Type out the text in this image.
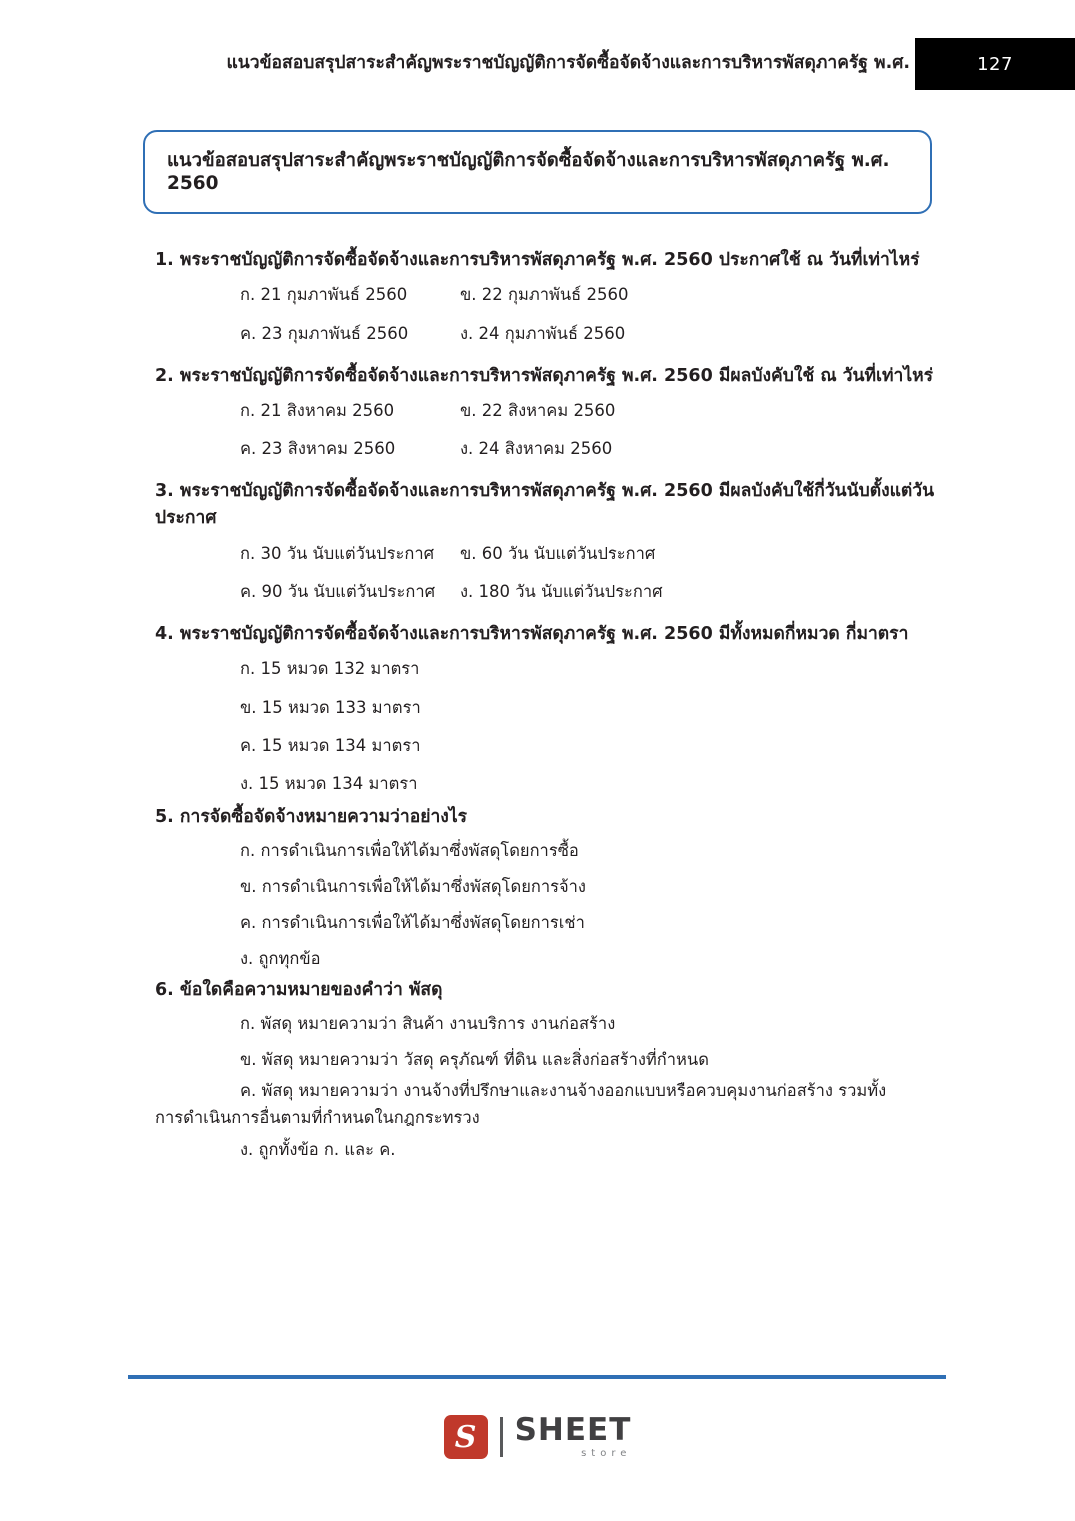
แนวข้อสอบสรุปสาระสำคัญพระราชบัญญัติการจัดซื้อจัดจ้างและการบริหารพัสดุภาครัฐ พ.ศ.	127
แนวข้อสอบสรุปสาระสำคัญพระราชบัญญัติการจัดซื้อจัดจ้างและการบริหารพัสดุภาครัฐ พ.ศ. 2560
1. พระราชบัญญัติการจัดซื้อจัดจ้างและการบริหารพัสดุภาครัฐ พ.ศ. 2560 ประกาศใช้ ณ วันที่เท่าไหร่
ก. 21 กุมภาพันธ์ 2560	ข. 22 กุมภาพันธ์ 2560
ค. 23 กุมภาพันธ์ 2560	ง. 24 กุมภาพันธ์ 2560
2. พระราชบัญญัติการจัดซื้อจัดจ้างและการบริหารพัสดุภาครัฐ พ.ศ. 2560 มีผลบังคับใช้ ณ วันที่เท่าไหร่
ก. 21 สิงหาคม 2560	ข. 22 สิงหาคม 2560
ค. 23 สิงหาคม 2560	ง. 24 สิงหาคม 2560
3. พระราชบัญญัติการจัดซื้อจัดจ้างและการบริหารพัสดุภาครัฐ พ.ศ. 2560 มีผลบังคับใช้กี่วันนับตั้งแต่วันประกาศ
ก. 30 วัน นับแต่วันประกาศ	ข. 60 วัน นับแต่วันประกาศ
ค. 90 วัน นับแต่วันประกาศ	ง. 180 วัน นับแต่วันประกาศ
4. พระราชบัญญัติการจัดซื้อจัดจ้างและการบริหารพัสดุภาครัฐ พ.ศ. 2560 มีทั้งหมดกี่หมวด กี่มาตรา
ก. 15 หมวด 132 มาตรา
ข. 15 หมวด 133 มาตรา
ค. 15 หมวด 134 มาตรา
ง. 15 หมวด 134 มาตรา
5. การจัดซื้อจัดจ้างหมายความว่าอย่างไร
ก. การดำเนินการเพื่อให้ได้มาซึ่งพัสดุโดยการซื้อ
ข. การดำเนินการเพื่อให้ได้มาซึ่งพัสดุโดยการจ้าง
ค. การดำเนินการเพื่อให้ได้มาซึ่งพัสดุโดยการเช่า
ง. ถูกทุกข้อ
6. ข้อใดคือความหมายของคำว่า พัสดุ
ก. พัสดุ หมายความว่า สินค้า งานบริการ งานก่อสร้าง
ข. พัสดุ หมายความว่า วัสดุ ครุภัณฑ์ ที่ดิน และสิ่งก่อสร้างที่กำหนด
ค. พัสดุ หมายความว่า งานจ้างที่ปรึกษาและงานจ้างออกแบบหรือควบคุมงานก่อสร้าง รวมทั้ง
การดำเนินการอื่นตามที่กำหนดในกฎกระทรวง
ง. ถูกทั้งข้อ ก. และ ค.
S	SHEET
store
